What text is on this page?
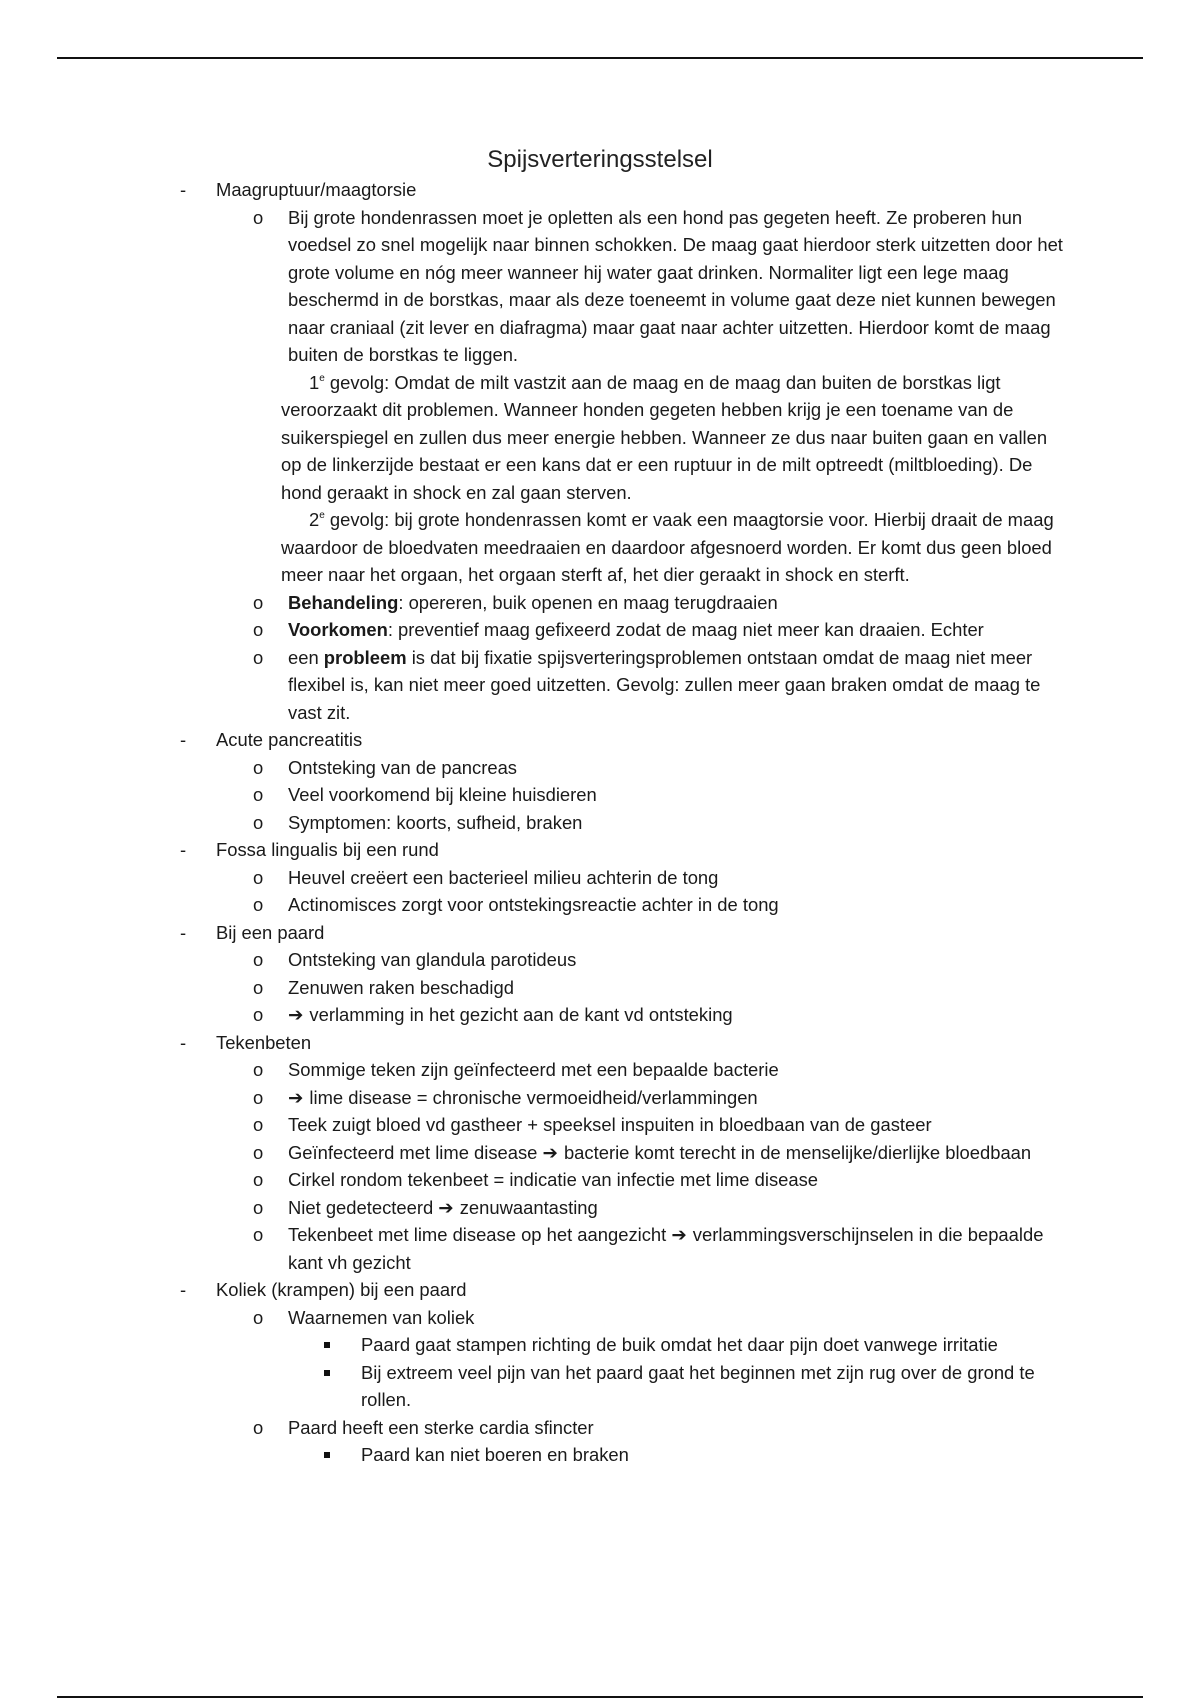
Spijsverteringsstelsel
- Maagruptuur/maagtorsie
o Bij grote hondenrassen moet je opletten als een hond pas gegeten heeft. Ze proberen hun voedsel zo snel mogelijk naar binnen schokken. De maag gaat hierdoor sterk uitzetten door het grote volume en nóg meer wanneer hij water gaat drinken. Normaliter ligt een lege maag beschermd in de borstkas, maar als deze toeneemt in volume gaat deze niet kunnen bewegen naar craniaal (zit lever en diafragma) maar gaat naar achter uitzetten. Hierdoor komt de maag buiten de borstkas te liggen.
1e gevolg: Omdat de milt vastzit aan de maag en de maag dan buiten de borstkas ligt veroorzaakt dit problemen. Wanneer honden gegeten hebben krijg je een toename van de suikerspiegel en zullen dus meer energie hebben. Wanneer ze dus naar buiten gaan en vallen op de linkerzijde bestaat er een kans dat er een ruptuur in de milt optreedt (miltbloeding). De hond geraakt in shock en zal gaan sterven.
2e gevolg: bij grote hondenrassen komt er vaak een maagtorsie voor. Hierbij draait de maag waardoor de bloedvaten meedraaien en daardoor afgesnoerd worden. Er komt dus geen bloed meer naar het orgaan, het orgaan sterft af, het dier geraakt in shock en sterft.
o Behandeling: opereren, buik openen en maag terugdraaien
o Voorkomen: preventief maag gefixeerd zodat de maag niet meer kan draaien. Echter
o een probleem is dat bij fixatie spijsverteringsproblemen ontstaan omdat de maag niet meer flexibel is, kan niet meer goed uitzetten. Gevolg: zullen meer gaan braken omdat de maag te vast zit.
- Acute pancreatitis
o Ontsteking van de pancreas
o Veel voorkomend bij kleine huisdieren
o Symptomen: koorts, sufheid, braken
- Fossa lingualis bij een rund
o Heuvel creëert een bacterieel milieu achterin de tong
o Actinomisces zorgt voor ontstekingsreactie achter in de tong
- Bij een paard
o Ontsteking van glandula parotideus
o Zenuwen raken beschadigd
o ➔ verlamming in het gezicht aan de kant vd ontsteking
- Tekenbeten
o Sommige teken zijn geïnfecteerd met een bepaalde bacterie
o ➔ lime disease = chronische vermoeidheid/verlammingen
o Teek zuigt bloed vd gastheer + speeksel inspuiten in bloedbaan van de gasteer
o Geïnfecteerd met lime disease ➔ bacterie komt terecht in de menselijke/dierlijke bloedbaan
o Cirkel rondom tekenbeet = indicatie van infectie met lime disease
o Niet gedetecteerd ➔ zenuwaantasting
o Tekenbeet met lime disease op het aangezicht ➔ verlammingsverschijnselen in die bepaalde kant vh gezicht
- Koliek (krampen) bij een paard
o Waarnemen van koliek
Paard gaat stampen richting de buik omdat het daar pijn doet vanwege irritatie
Bij extreem veel pijn van het paard gaat het beginnen met zijn rug over de grond te rollen.
o Paard heeft een sterke cardia sfincter
Paard kan niet boeren en braken
